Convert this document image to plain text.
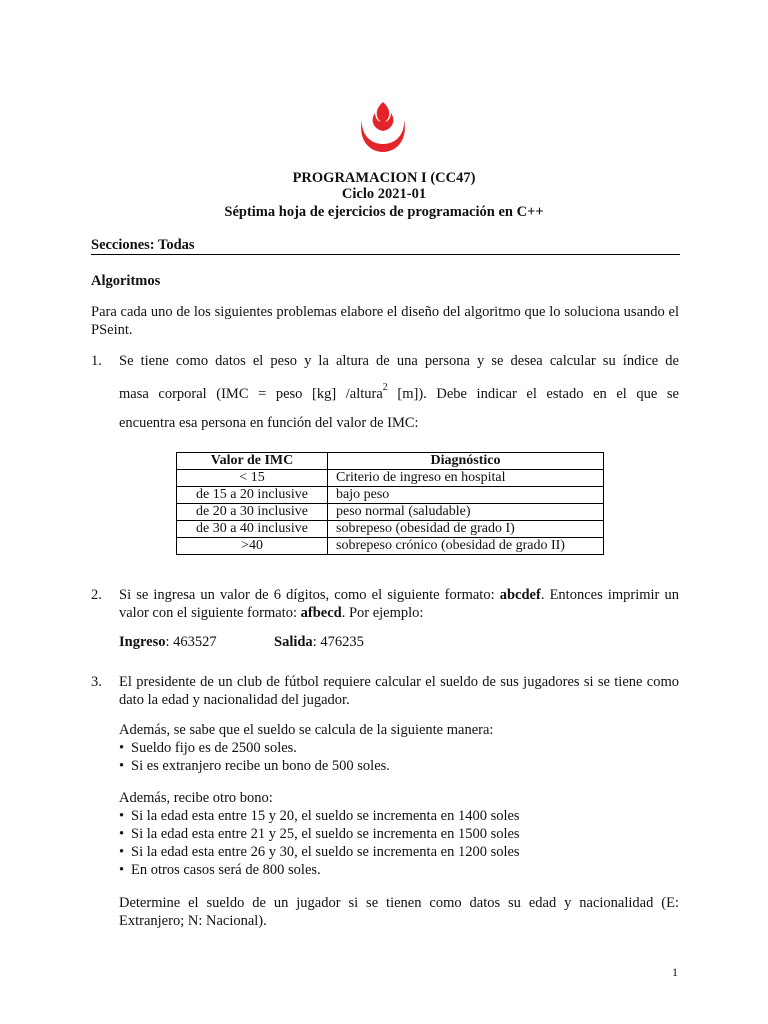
PROGRAMACION I (CC47)
Ciclo 2021-01
Séptima hoja de ejercicios de programación en C++
Secciones: Todas
Algoritmos
Para cada uno de los siguientes problemas elabore el diseño del algoritmo que lo soluciona usando el PSeint.
1. Se tiene como datos el peso y la altura de una persona y se desea calcular su índice de
masa corporal (IMC = peso [kg] /altura$^2$ [m]). Debe indicar el estado en el que se
encuentra esa persona en función del valor de IMC:
Valor de IMC	Diagnóstico
< 15	Criterio de ingreso en hospital
de 15 a 20 inclusive	bajo peso
de 20 a 30 inclusive	peso normal (saludable)
de 30 a 40 inclusive	sobrepeso (obesidad de grado I)
>40	sobrepeso crónico (obesidad de grado II)
2. Si se ingresa un valor de 6 dígitos, como el siguiente formato: abcdef. Entonces imprimir un valor con el siguiente formato: afbecd. Por ejemplo:
Ingreso: 463527	Salida: 476235
3. El presidente de un club de fútbol requiere calcular el sueldo de sus jugadores si se tiene como dato la edad y nacionalidad del jugador.
Además, se sabe que el sueldo se calcula de la siguiente manera:
• Sueldo fijo es de 2500 soles.
• Si es extranjero recibe un bono de 500 soles.
Además, recibe otro bono:
• Si la edad esta entre 15 y 20, el sueldo se incrementa en 1400 soles
• Si la edad esta entre 21 y 25, el sueldo se incrementa en 1500 soles
• Si la edad esta entre 26 y 30, el sueldo se incrementa en 1200 soles
• En otros casos será de 800 soles.
Determine el sueldo de un jugador si se tienen como datos su edad y nacionalidad (E: Extranjero; N: Nacional).
1
